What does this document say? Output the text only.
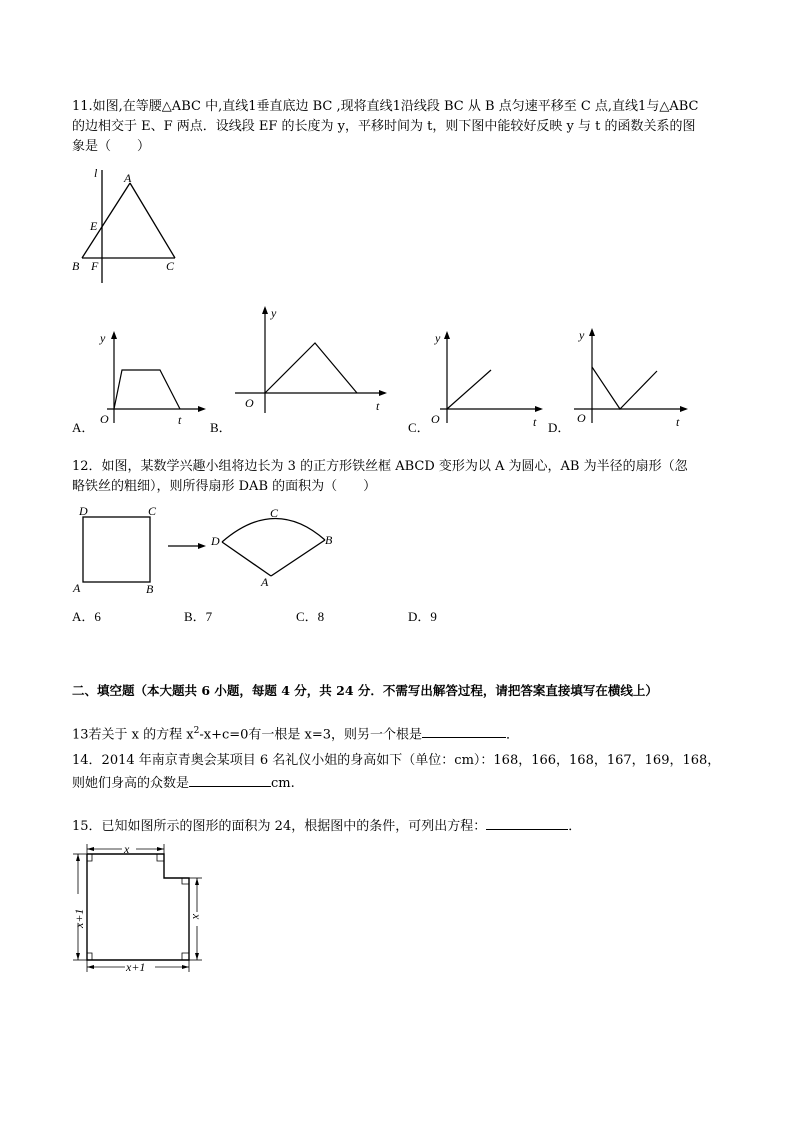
11.如图,在等腰△ABC 中,直线1垂直底边 BC ,现将直线1沿线段 BC 从 B 点匀速平移至 C 点,直线1与△ABC
的边相交于 E、F 两点．设线段 EF 的长度为 y，平移时间为 t，则下图中能较好反映 y 与 t 的函数关系的图
象是（　　）
l A
E
B F	C
y
O	t
A．
y
O	t
B．
y
O	t
C．
y
O	t
D．
12．如图，某数学兴趣小组将边长为 3 的正方形铁丝框 ABCD 变形为以 A 为圆心，AB 为半径的扇形（忽
略铁丝的粗细），则所得扇形 DAB 的面积为（　　）
D	C
A	B
D
C
B
A
A．6	B．7	C．8	D．9
二、填空题（本大题共 6 小题，每题 4 分，共 24 分．不需写出解答过程，请把答案直接填写在横线上）
13若关于 x 的方程 $x^2-x+c=0$有一根是 x=3，则另一个根是	．
14．2014 年南京青奥会某项目 6 名礼仪小姐的身高如下（单位：cm）：168，166，168，167，169，168，
则她们身高的众数是	cm.
15．已知如图所示的图形的面积为 24，根据图中的条件，可列出方程：	．
x
x+1	x
x+1
